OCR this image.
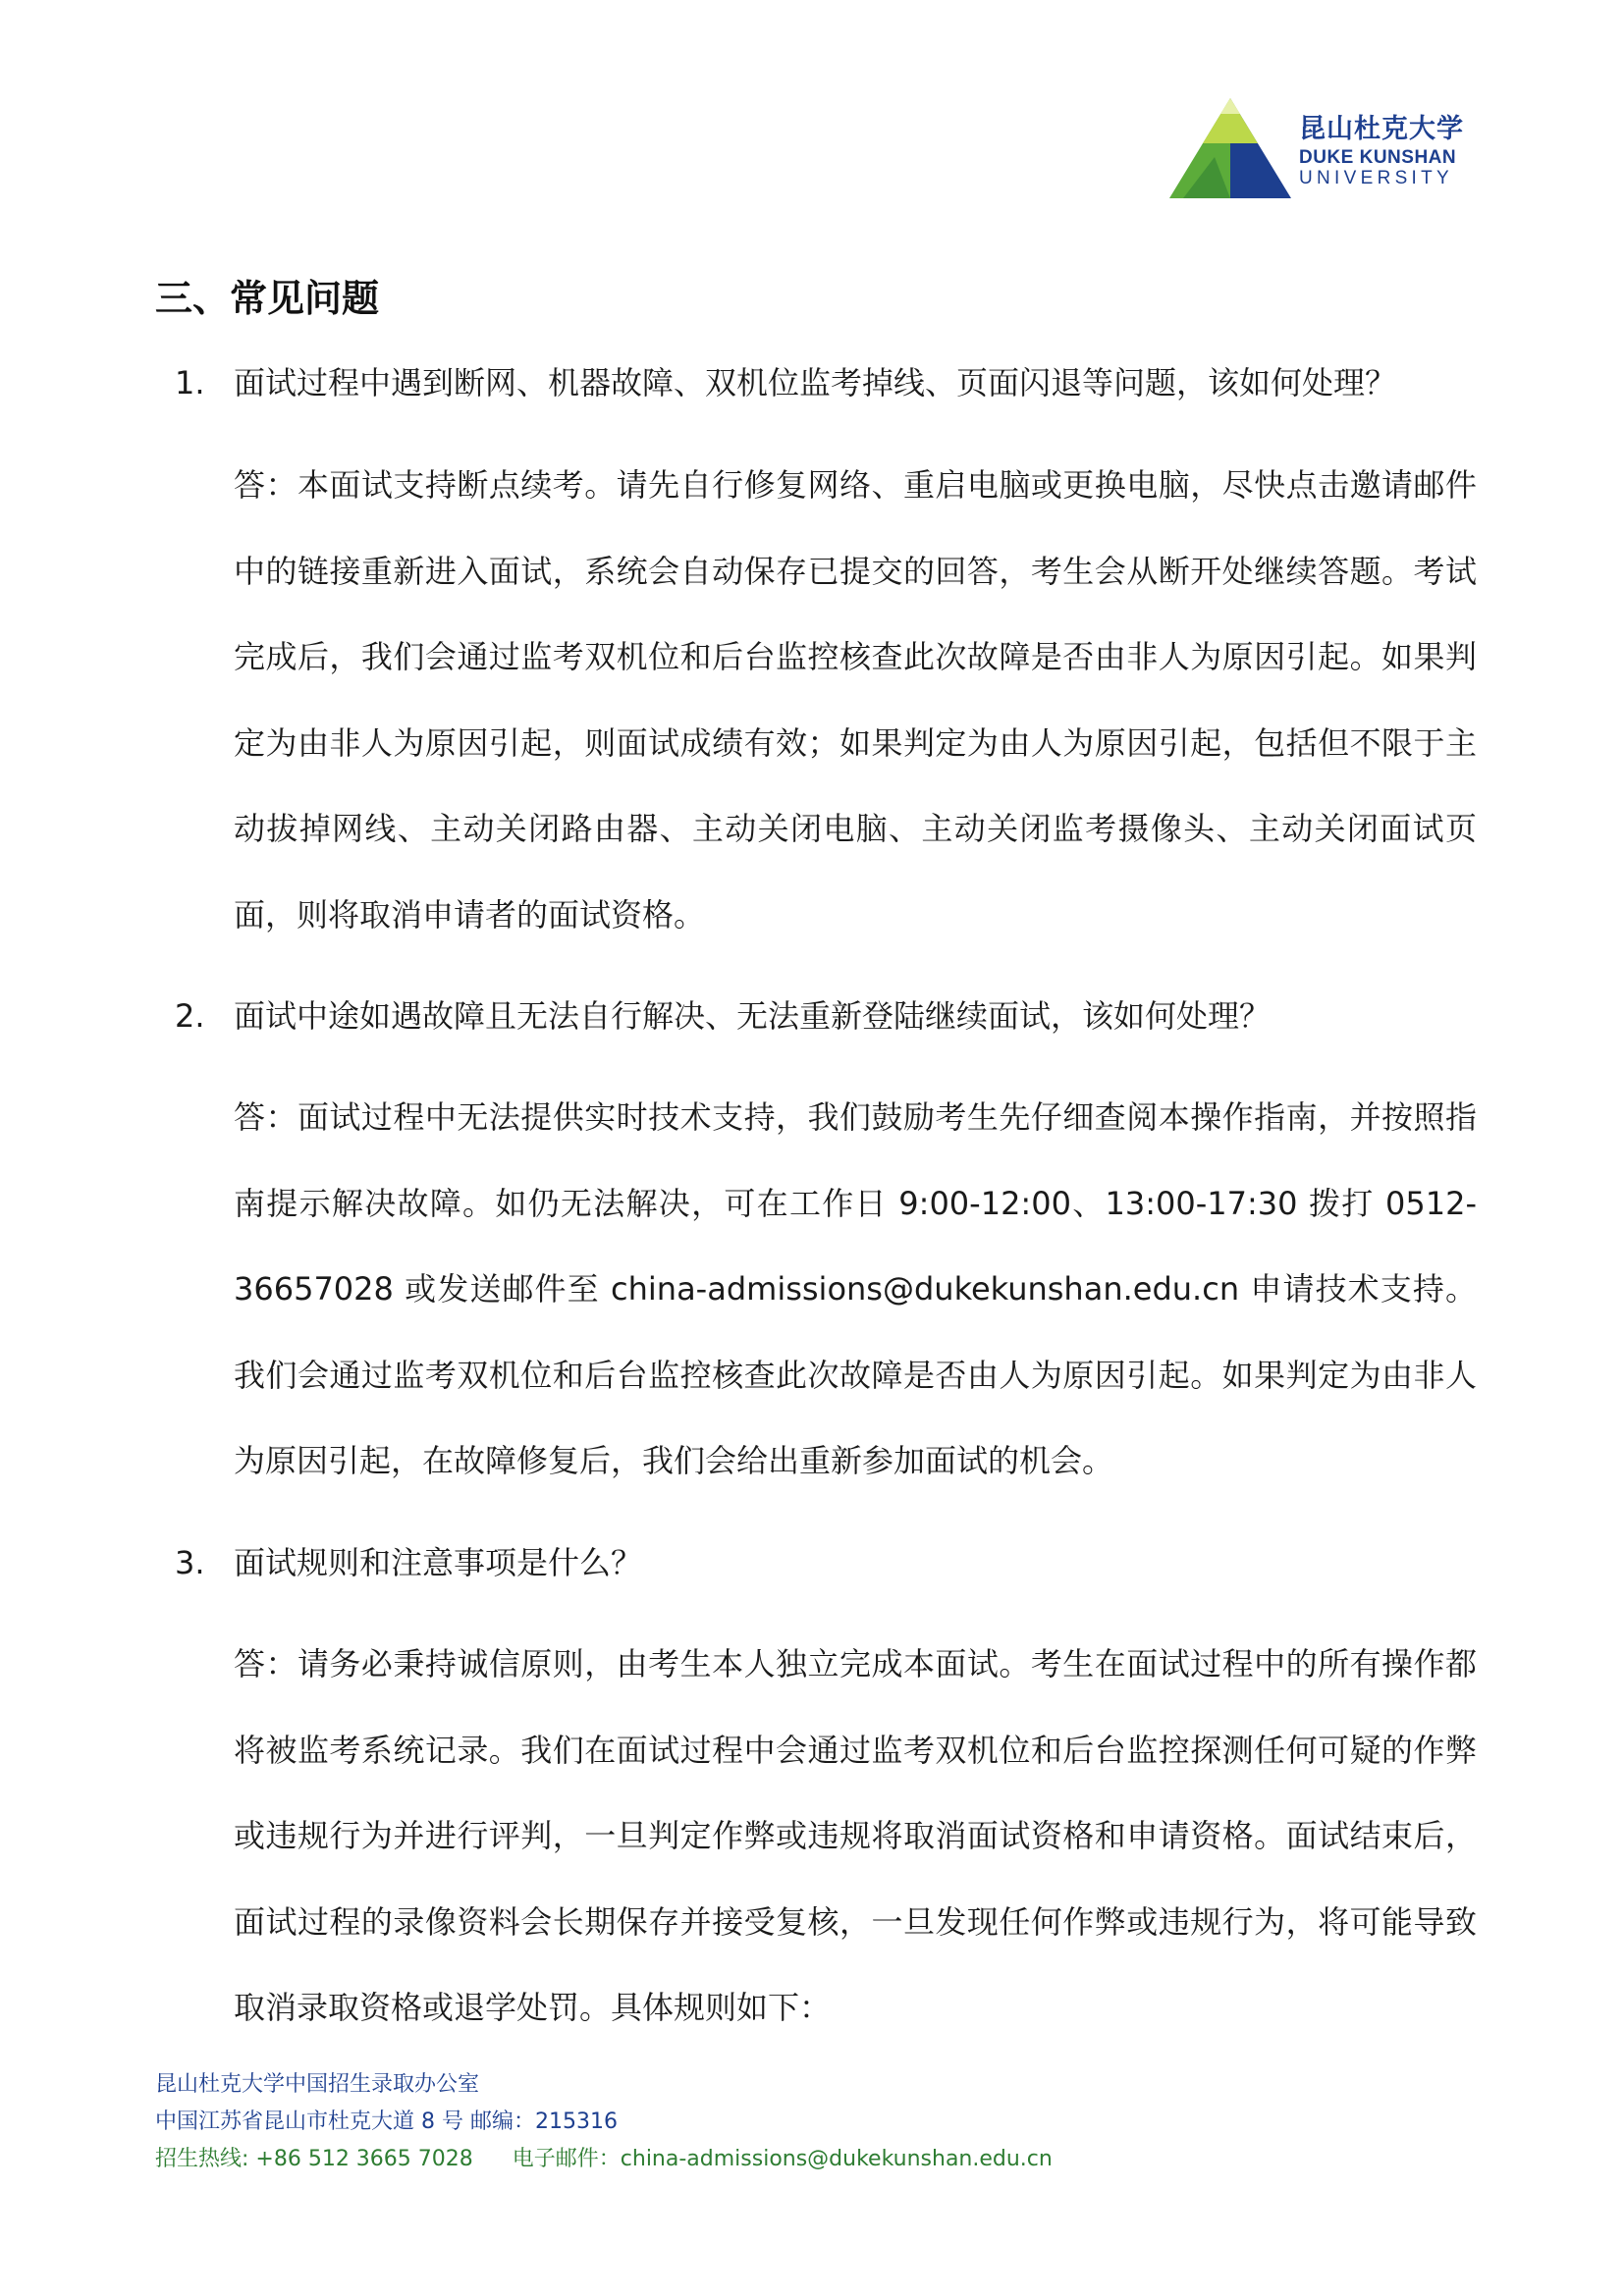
昆山杜克大学
DUKE KUNSHAN
UNIVERSITY
三、常见问题
1. 面试过程中遇到断网、机器故障、双机位监考掉线、页面闪退等问题，该如何处理？

答：本面试支持断点续考。请先自行修复网络、重启电脑或更换电脑，尽快点击邀请邮件中的链接重新进入面试，系统会自动保存已提交的回答，考生会从断开处继续答题。考试完成后，我们会通过监考双机位和后台监控核查此次故障是否由非人为原因引起。如果判定为由非人为原因引起，则面试成绩有效；如果判定为由人为原因引起，包括但不限于主动拔掉网线、主动关闭路由器、主动关闭电脑、主动关闭监考摄像头、主动关闭面试页面，则将取消申请者的面试资格。

2. 面试中途如遇故障且无法自行解决、无法重新登陆继续面试，该如何处理？

答：面试过程中无法提供实时技术支持，我们鼓励考生先仔细查阅本操作指南，并按照指南提示解决故障。如仍无法解决，可在工作日 9:00-12:00、13:00-17:30 拨打 0512-36657028 或发送邮件至 china-admissions@dukekunshan.edu.cn 申请技术支持。我们会通过监考双机位和后台监控核查此次故障是否由人为原因引起。如果判定为由非人为原因引起，在故障修复后，我们会给出重新参加面试的机会。

3. 面试规则和注意事项是什么？

答：请务必秉持诚信原则，由考生本人独立完成本面试。考生在面试过程中的所有操作都将被监考系统记录。我们在面试过程中会通过监考双机位和后台监控探测任何可疑的作弊或违规行为并进行评判，一旦判定作弊或违规将取消面试资格和申请资格。面试结束后，面试过程的录像资料会长期保存并接受复核，一旦发现任何作弊或违规行为，将可能导致取消录取资格或退学处罚。具体规则如下：

昆山杜克大学中国招生录取办公室
中国江苏省昆山市杜克大道 8 号 邮编：215316
招生热线: +86 512 3665 7028 电子邮件：china-admissions@dukekunshan.edu.cn
